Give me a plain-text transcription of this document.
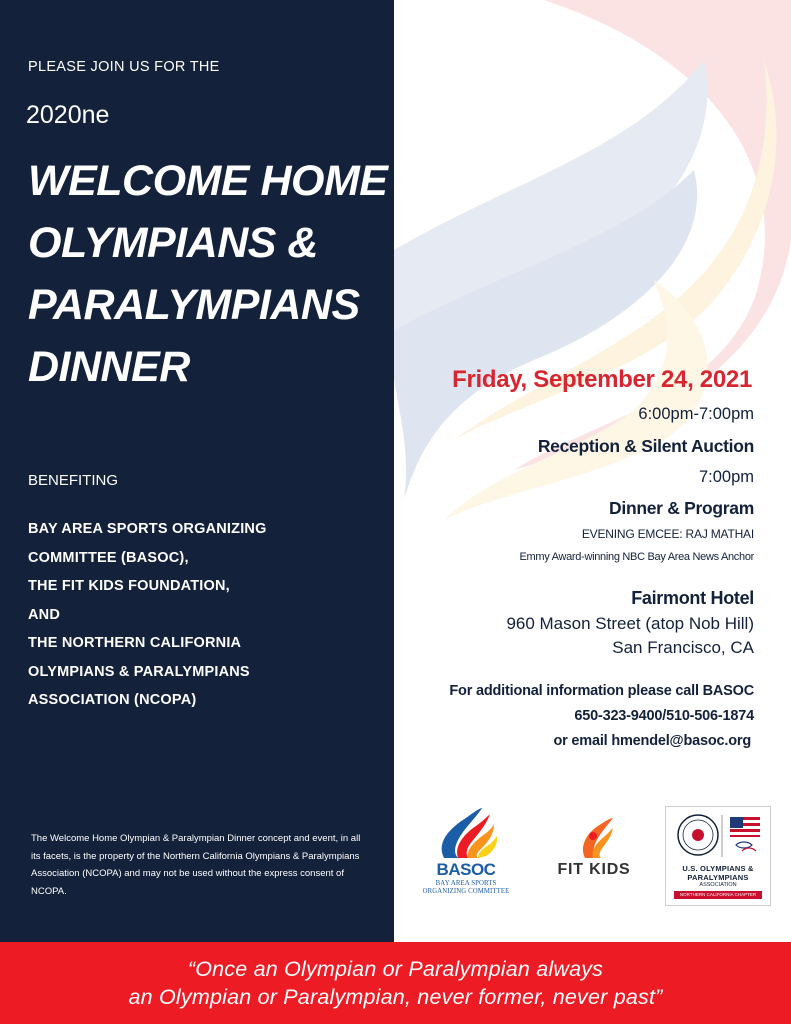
PLEASE JOIN US FOR THE

2020ne

WELCOME HOME
OLYMPIANS &
PARALYMPIANS
DINNER

BENEFITING

BAY AREA SPORTS ORGANIZING
COMMITTEE (BASOC),
THE FIT KIDS FOUNDATION,
AND
THE NORTHERN CALIFORNIA
OLYMPIANS & PARALYMPIANS
ASSOCIATION (NCOPA)

The Welcome Home Olympian & Paralympian Dinner concept and event, in all its facets, is the property of the Northern California Olympians & Paralympians Association (NCOPA) and may not be used without the express consent of NCOPA.

Friday, September 24, 2021

6:00pm-7:00pm

Reception & Silent Auction

7:00pm

Dinner & Program

EVENING EMCEE: RAJ MATHAI

Emmy Award-winning NBC Bay Area News Anchor

Fairmont Hotel

960 Mason Street (atop Nob Hill)

San Francisco, CA

For additional information please call BASOC

650-323-9400/510-506-1874

or email hmendel@basoc.org

BASOC
BAY AREA SPORTS
ORGANIZING COMMITTEE
FIT KIDS	U.S. OLYMPIANS &
PARALYMPIANS
ASSOCIATION
NORTHERN CALIFORNIA CHAPTER
“Once an Olympian or Paralympian always
an Olympian or Paralympian, never former, never past”
